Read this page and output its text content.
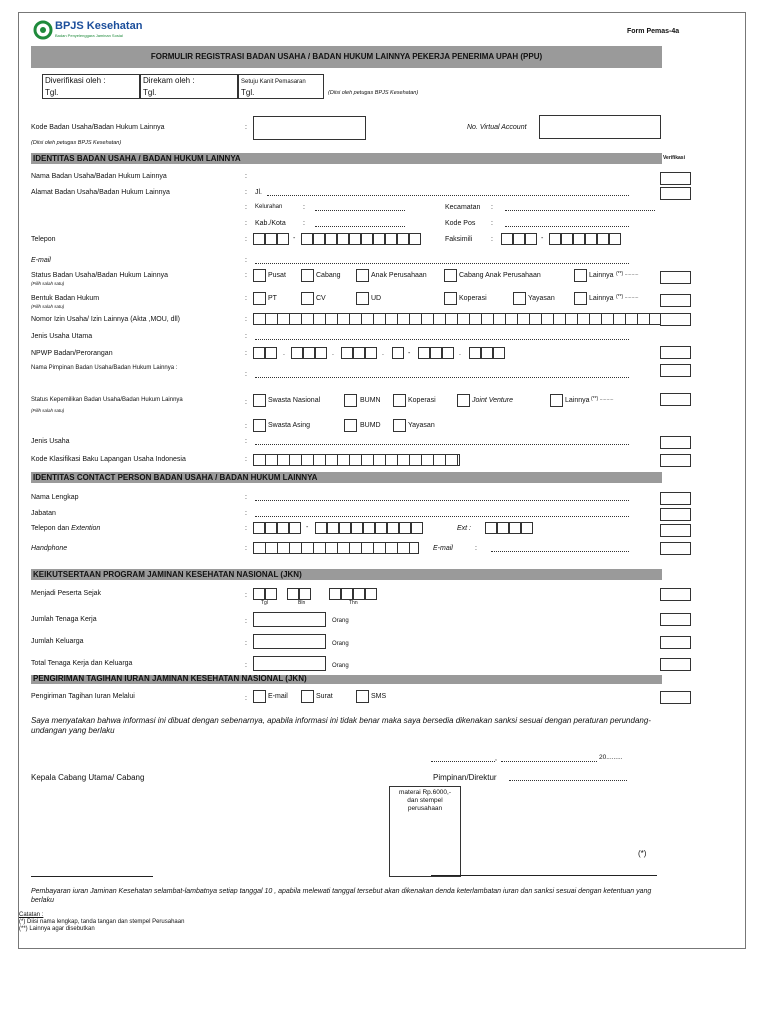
BPJS Kesehatan
Badan Penyelenggara Jaminan Sosial
Form Pemas-4a
FORMULIR REGISTRASI BADAN USAHA / BADAN HUKUM LAINNYA PEKERJA PENERIMA UPAH (PPU)
Diverifikasi oleh :
Tgl.
Direkam oleh :
Tgl.
Setuju Kanit Pemasaran
Tgl.	(Diisi oleh petugas BPJS Kesehatan)
Kode Badan Usaha/Badan Hukum Lainnya	:	No. Virtual Account
(Diisi oleh petugas BPJS Kesehatan)
IDENTITAS BADAN USAHA / BADAN HUKUM LAINNYA	Verifikasi
Nama Badan Usaha/Badan Hukum Lainnya	:
Alamat Badan Usaha/Badan Hukum Lainnya	: Jl.
: Kelurahan	:	Kecamatan :
: Kab./Kota :	Kode Pos :
Telepon	:	-	Faksimili	:	-
E-mail	:
Status Badan Usaha/Badan Hukum Lainnya
(Pilih salah satu)
:	Pusat	Cabang	Anak Perusahaan	Cabang Anak Perusahaan	Lainnya (**) ..........
Bentuk Badan Hukum
(Pilih salah satu)
:	PT	CV	UD	Koperasi	Yayasan	Lainnya (**) ..........
Nomor Izin Usaha/ Izin Lainnya (Akta ,MOU, dll)	:
Jenis Usaha Utama	:
NPWP Badan/Perorangan	:	.	.	.	-	.
Nama Pimpinan Badan Usaha/Badan Hukum Lainnya :
:
Status Kepemilikan Badan Usaha/Badan Hukum Lainnya
(Pilih salah satu)
:	Swasta Nasional	BUMN	Koperasi	Joint Venture	Lainnya (**) ..........
:	Swasta Asing	BUMD	Yayasan
Jenis Usaha	:
Kode Klasifikasi Baku Lapangan Usaha Indonesia	:
IDENTITAS CONTACT PERSON BADAN USAHA / BADAN HUKUM LAINNYA
Nama Lengkap	:
Jabatan	:
Telepon dan Extention	:	-	Ext :
Handphone	:	E-mail	:
KEIKUTSERTAAN PROGRAM JAMINAN KESEHATAN NASIONAL (JKN)
Menjadi Peserta Sejak	:
Tgl	Bln	Thn
Jumlah Tenaga Kerja	:	Orang
Jumlah Keluarga	:	Orang
Total Tenaga Kerja dan Keluarga	:	Orang
PENGIRIMAN TAGIHAN IURAN JAMINAN KESEHATAN NASIONAL (JKN)
Pengiriman Tagihan Iuran Melalui	:	E-mail	Surat	SMS
Saya menyatakan bahwa informasi ini dibuat dengan sebenarnya, apabila informasi ini tidak benar maka saya bersedia dikenakan sanksi sesuai dengan peraturan perundang-undangan yang berlaku
,	20.........
Kepala Cabang Utama/ Cabang	Pimpinan/Direktur
materai Rp.6000,- dan stempel perusahaan
(*)
Pembayaran iuran Jaminan Kesehatan selambat-lambatnya setiap tanggal 10 , apabila melewati tanggal tersebut akan dikenakan denda keterlambatan iuran dan sanksi sesuai dengan ketentuan yang berlaku
Catatan :
(*) Diisi nama lengkap, tanda tangan dan stempel Perusahaan
(**) Lainnya agar disebutkan
